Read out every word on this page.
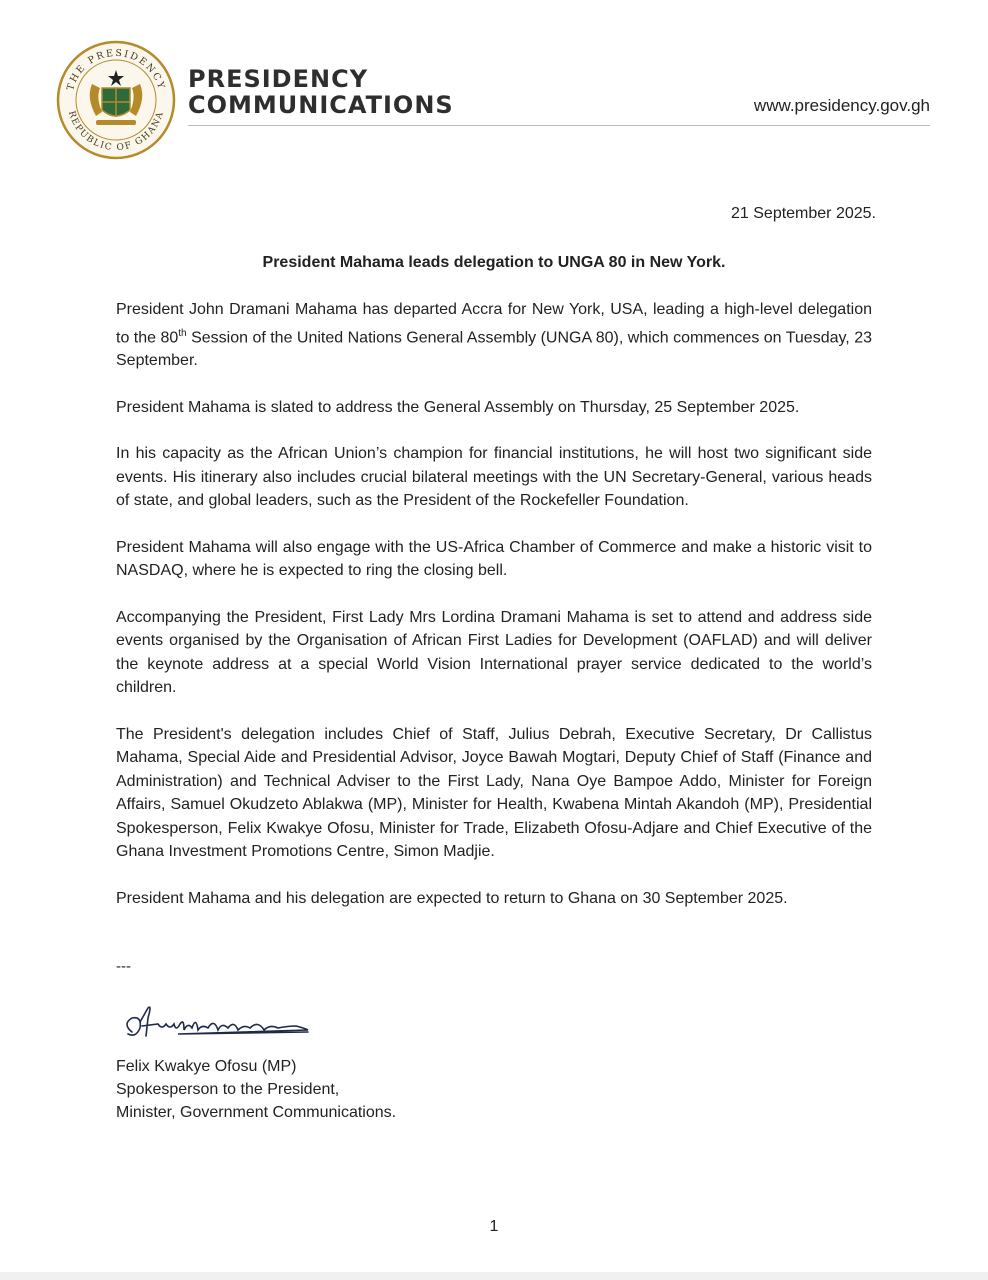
THE PRESIDENCY
REPUBLIC OF GHANA
PRESIDENCY
COMMUNICATIONS	www.presidency.gov.gh
21 September 2025.
President Mahama leads delegation to UNGA 80 in New York.

President John Dramani Mahama has departed Accra for New York, USA, leading a high-level delegation to the 80th Session of the United Nations General Assembly (UNGA 80), which commences on Tuesday, 23 September.

President Mahama is slated to address the General Assembly on Thursday, 25 September 2025.

In his capacity as the African Union’s champion for financial institutions, he will host two significant side events. His itinerary also includes crucial bilateral meetings with the UN Secretary-General, various heads of state, and global leaders, such as the President of the Rockefeller Foundation.

President Mahama will also engage with the US-Africa Chamber of Commerce and make a historic visit to NASDAQ, where he is expected to ring the closing bell.

Accompanying the President, First Lady Mrs Lordina Dramani Mahama is set to attend and address side events organised by the Organisation of African First Ladies for Development (OAFLAD) and will deliver the keynote address at a special World Vision International prayer service dedicated to the world’s children.

The President's delegation includes Chief of Staff, Julius Debrah, Executive Secretary, Dr Callistus Mahama, Special Aide and Presidential Advisor, Joyce Bawah Mogtari, Deputy Chief of Staff (Finance and Administration) and Technical Adviser to the First Lady, Nana Oye Bampoe Addo, Minister for Foreign Affairs, Samuel Okudzeto Ablakwa (MP), Minister for Health, Kwabena Mintah Akandoh (MP), Presidential Spokesperson, Felix Kwakye Ofosu, Minister for Trade, Elizabeth Ofosu-Adjare and Chief Executive of the Ghana Investment Promotions Centre, Simon Madjie.

President Mahama and his delegation are expected to return to Ghana on 30 September 2025.

---
Felix Kwakye Ofosu (MP)
Spokesperson to the President,
Minister, Government Communications.
1
